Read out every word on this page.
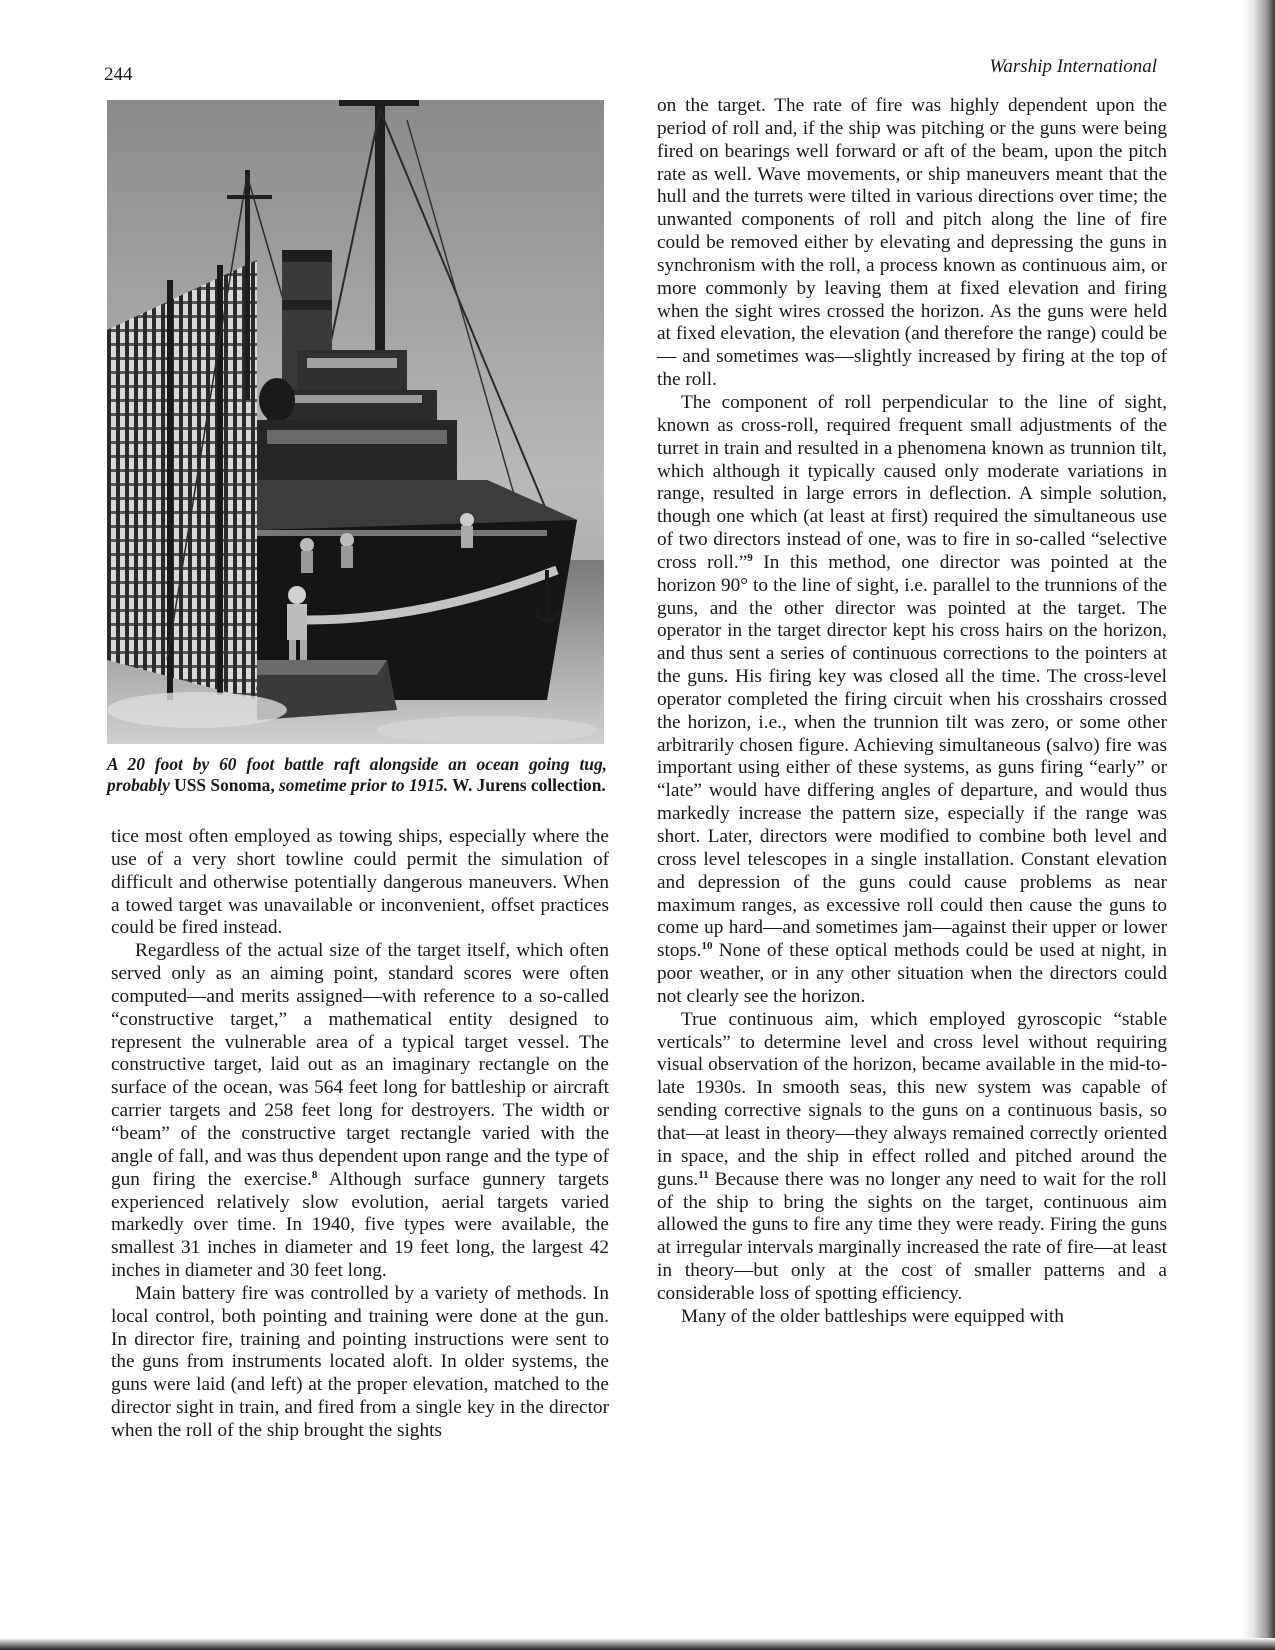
244	Warship International
A 20 foot by 60 foot battle raft alongside an ocean going tug, probably USS Sonoma, sometime prior to 1915. W. Jurens collection.

tice most often employed as towing ships, especially where the use of a very short towline could permit the simulation of difficult and otherwise potentially dangerous maneuvers. When a towed target was unavailable or inconvenient, offset practices could be fired instead.

Regardless of the actual size of the target itself, which often served only as an aiming point, standard scores were often computed—and merits assigned—with reference to a so-called “constructive target,” a mathematical entity designed to represent the vulnerable area of a typical target vessel. The constructive target, laid out as an imaginary rectangle on the surface of the ocean, was 564 feet long for battleship or aircraft carrier targets and 258 feet long for destroyers. The width or “beam” of the constructive target rectangle varied with the angle of fall, and was thus dependent upon range and the type of gun firing the exercise.$^8$ Although surface gunnery targets experienced relatively slow evolution, aerial targets varied markedly over time. In 1940, five types were available, the smallest 31 inches in diameter and 19 feet long, the largest 42 inches in diameter and 30 feet long.

Main battery fire was controlled by a variety of methods. In local control, both pointing and training were done at the gun. In director fire, training and pointing instructions were sent to the guns from instruments located aloft. In older systems, the guns were laid (and left) at the proper elevation, matched to the director sight in train, and fired from a single key in the director when the roll of the ship brought the sights

on the target. The rate of fire was highly dependent upon the period of roll and, if the ship was pitching or the guns were being fired on bearings well forward or aft of the beam, upon the pitch rate as well. Wave movements, or ship maneuvers meant that the hull and the turrets were tilted in various directions over time; the unwanted components of roll and pitch along the line of fire could be removed either by elevating and depressing the guns in synchronism with the roll, a process known as continuous aim, or more commonly by leaving them at fixed elevation and firing when the sight wires crossed the horizon. As the guns were held at fixed elevation, the elevation (and therefore the range) could be— and sometimes was—slightly increased by firing at the top of the roll.

The component of roll perpendicular to the line of sight, known as cross-roll, required frequent small adjustments of the turret in train and resulted in a phenomena known as trunnion tilt, which although it typically caused only moderate variations in range, resulted in large errors in deflection. A simple solution, though one which (at least at first) required the simultaneous use of two directors instead of one, was to fire in so-called “selective cross roll.”$^9$ In this method, one director was pointed at the horizon 90° to the line of sight, i.e. parallel to the trunnions of the guns, and the other director was pointed at the target. The operator in the target director kept his cross hairs on the horizon, and thus sent a series of continuous corrections to the pointers at the guns. His firing key was closed all the time. The cross-level operator completed the firing circuit when his crosshairs crossed the horizon, i.e., when the trunnion tilt was zero, or some other arbitrarily chosen figure. Achieving simultaneous (salvo) fire was important using either of these systems, as guns firing “early” or “late” would have differing angles of departure, and would thus markedly increase the pattern size, especially if the range was short. Later, directors were modified to combine both level and cross level telescopes in a single installation. Constant elevation and depression of the guns could cause problems as near maximum ranges, as excessive roll could then cause the guns to come up hard—and sometimes jam—against their upper or lower stops.$^{10}$ None of these optical methods could be used at night, in poor weather, or in any other situation when the directors could not clearly see the horizon.

True continuous aim, which employed gyroscopic “stable verticals” to determine level and cross level without requiring visual observation of the horizon, became available in the mid-to-late 1930s. In smooth seas, this new system was capable of sending corrective signals to the guns on a continuous basis, so that—at least in theory—they always remained correctly oriented in space, and the ship in effect rolled and pitched around the guns.$^{11}$ Because there was no longer any need to wait for the roll of the ship to bring the sights on the target, continuous aim allowed the guns to fire any time they were ready. Firing the guns at irregular intervals marginally increased the rate of fire—at least in theory—but only at the cost of smaller patterns and a considerable loss of spotting efficiency.

Many of the older battleships were equipped with
